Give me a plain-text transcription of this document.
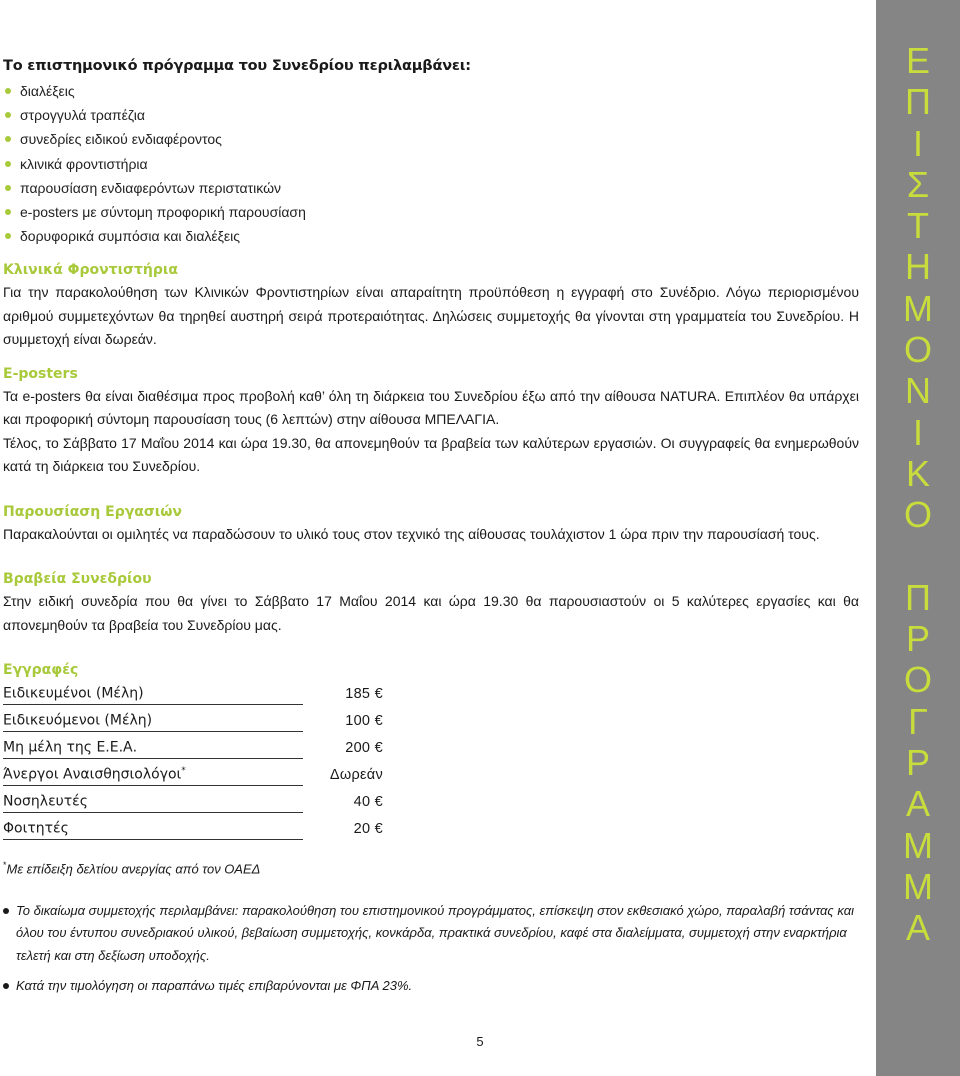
Το επιστημονικό πρόγραμμα του Συνεδρίου περιλαμβάνει:
διαλέξεις
στρογγυλά τραπέζια
συνεδρίες ειδικού ενδιαφέροντος
κλινικά φροντιστήρια
παρουσίαση ενδιαφερόντων περιστατικών
e-posters με σύντομη προφορική παρουσίαση
δορυφορικά συμπόσια και διαλέξεις
Κλινικά Φροντιστήρια

Για την παρακολούθηση των Κλινικών Φροντιστηρίων είναι απαραίτητη προϋπόθεση η εγγραφή στο Συνέδριο. Λόγω περιορισμένου αριθμού συμμετεχόντων θα τηρηθεί αυστηρή σειρά προτεραιότητας. Δηλώσεις συμμετοχής θα γίνονται στη γραμματεία του Συνεδρίου. Η συμμετοχή είναι δωρεάν.

E-posters

Τα e-posters θα είναι διαθέσιμα προς προβολή καθ’ όλη τη διάρκεια του Συνεδρίου έξω από την αίθουσα NATURA. Επιπλέον θα υπάρχει και προφορική σύντομη παρουσίαση τους (6 λεπτών) στην αίθουσα ΜΠΕΛΑΓΙΑ.

Τέλος, το Σάββατο 17 Μαΐου 2014 και ώρα 19.30, θα απονεμηθούν τα βραβεία των καλύτερων εργασιών. Οι συγγραφείς θα ενημερωθούν κατά τη διάρκεια του Συνεδρίου.

Παρουσίαση Εργασιών

Παρακαλούνται οι ομιλητές να παραδώσουν το υλικό τους στον τεχνικό της αίθουσας τουλάχιστον 1 ώρα πριν την παρουσίασή τους.

Βραβεία Συνεδρίου

Στην ειδική συνεδρία που θα γίνει το Σάββατο 17 Μαΐου 2014 και ώρα 19.30 θα παρουσιαστούν οι 5 καλύτερες εργασίες και θα απονεμηθούν τα βραβεία του Συνεδρίου μας.

Εγγραφές
Ειδικευμένοι (Μέλη)	185 €
Ειδικευόμενοι (Μέλη)	100 €
Μη μέλη της Ε.Ε.Α.	200 €
Άνεργοι Αναισθησιολόγοι*	Δωρεάν
Νοσηλευτές	40 €
Φοιτητές	20 €
*Με επίδειξη δελτίου ανεργίας από τον ΟΑΕΔ
Το δικαίωμα συμμετοχής περιλαμβάνει: παρακολούθηση του επιστημονικού προγράμματος, επίσκεψη στον εκθεσιακό χώρο, παραλαβή τσάντας και όλου του έντυπου συνεδριακού υλικού, βεβαίωση συμμετοχής, κονκάρδα, πρακτικά συνεδρίου, καφέ στα διαλείμματα, συμμετοχή στην εναρκτήρια τελετή και στη δεξίωση υποδοχής.
Κατά την τιμολόγηση οι παραπάνω τιμές επιβαρύνονται με ΦΠΑ 23%.
5
Ε
Π
Ι
Σ
Τ
Η
Μ
Ο
Ν
Ι
Κ
Ο
Π
Ρ
Ο
Γ
Ρ
Α
Μ
Μ
Α
